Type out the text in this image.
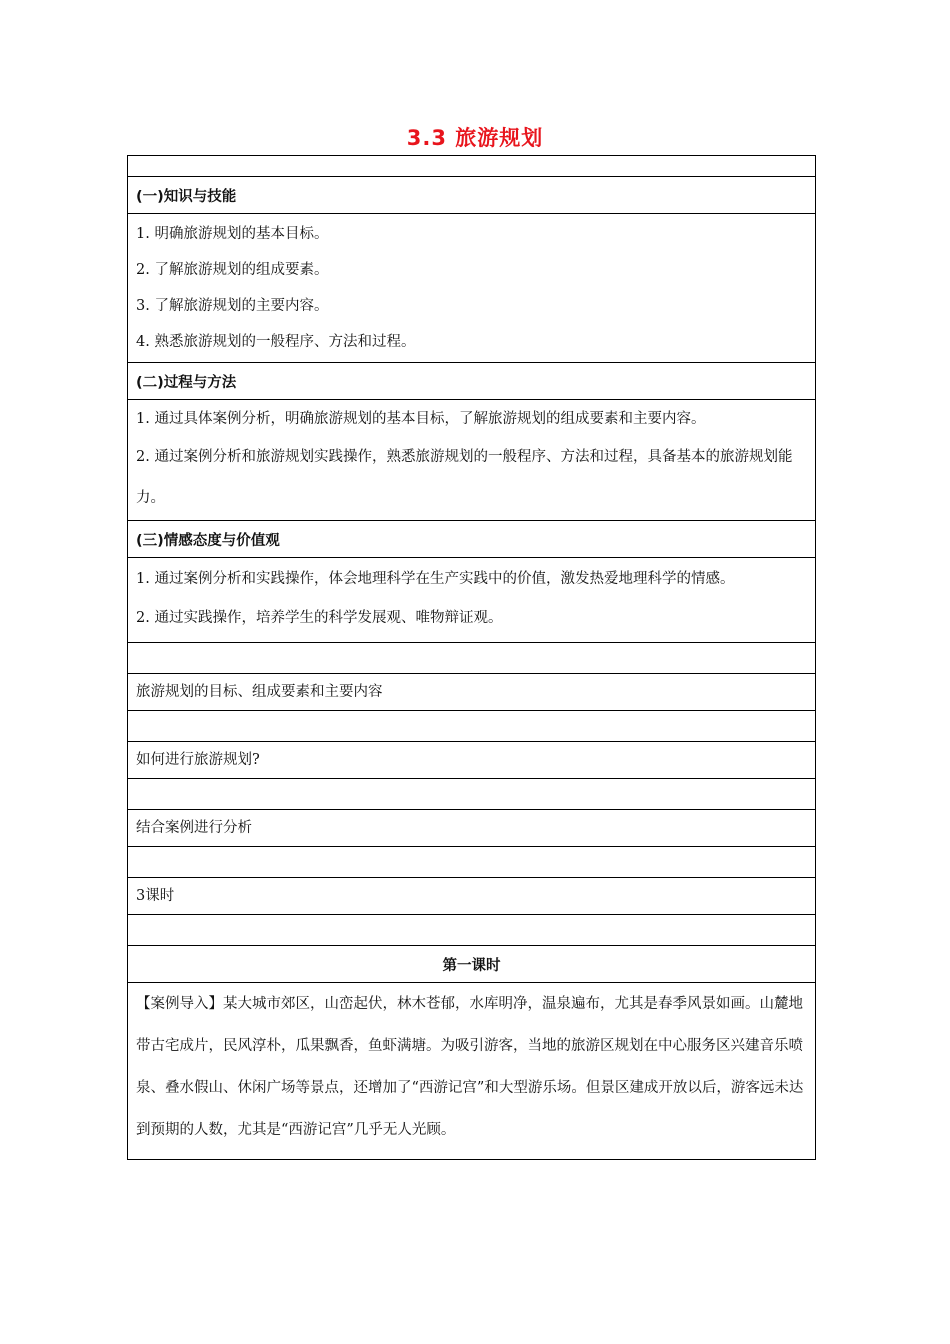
3.3 旅游规划

(一)知识与技能

1. 明确旅游规划的基本目标。
2. 了解旅游规划的组成要素。
3. 了解旅游规划的主要内容。
4. 熟悉旅游规划的一般程序、方法和过程。

(二)过程与方法

1. 通过具体案例分析，明确旅游规划的基本目标，了解旅游规划的组成要素和主要内容。
2. 通过案例分析和旅游规划实践操作，熟悉旅游规划的一般程序、方法和过程，具备基本的旅游规划能力。

(三)情感态度与价值观

1. 通过案例分析和实践操作，体会地理科学在生产实践中的价值，激发热爱地理科学的情感。
2. 通过实践操作，培养学生的科学发展观、唯物辩证观。

旅游规划的目标、组成要素和主要内容

如何进行旅游规划?

结合案例进行分析

3课时

第一课时

【案例导入】某大城市郊区，山峦起伏，林木苍郁，水库明净，温泉遍布，尤其是春季风景如画。山麓地带古宅成片，民风淳朴，瓜果飘香，鱼虾满塘。为吸引游客，当地的旅游区规划在中心服务区兴建音乐喷泉、叠水假山、休闲广场等景点，还增加了“西游记宫”和大型游乐场。但景区建成开放以后，游客远未达到预期的人数，尤其是“西游记宫”几乎无人光顾。
